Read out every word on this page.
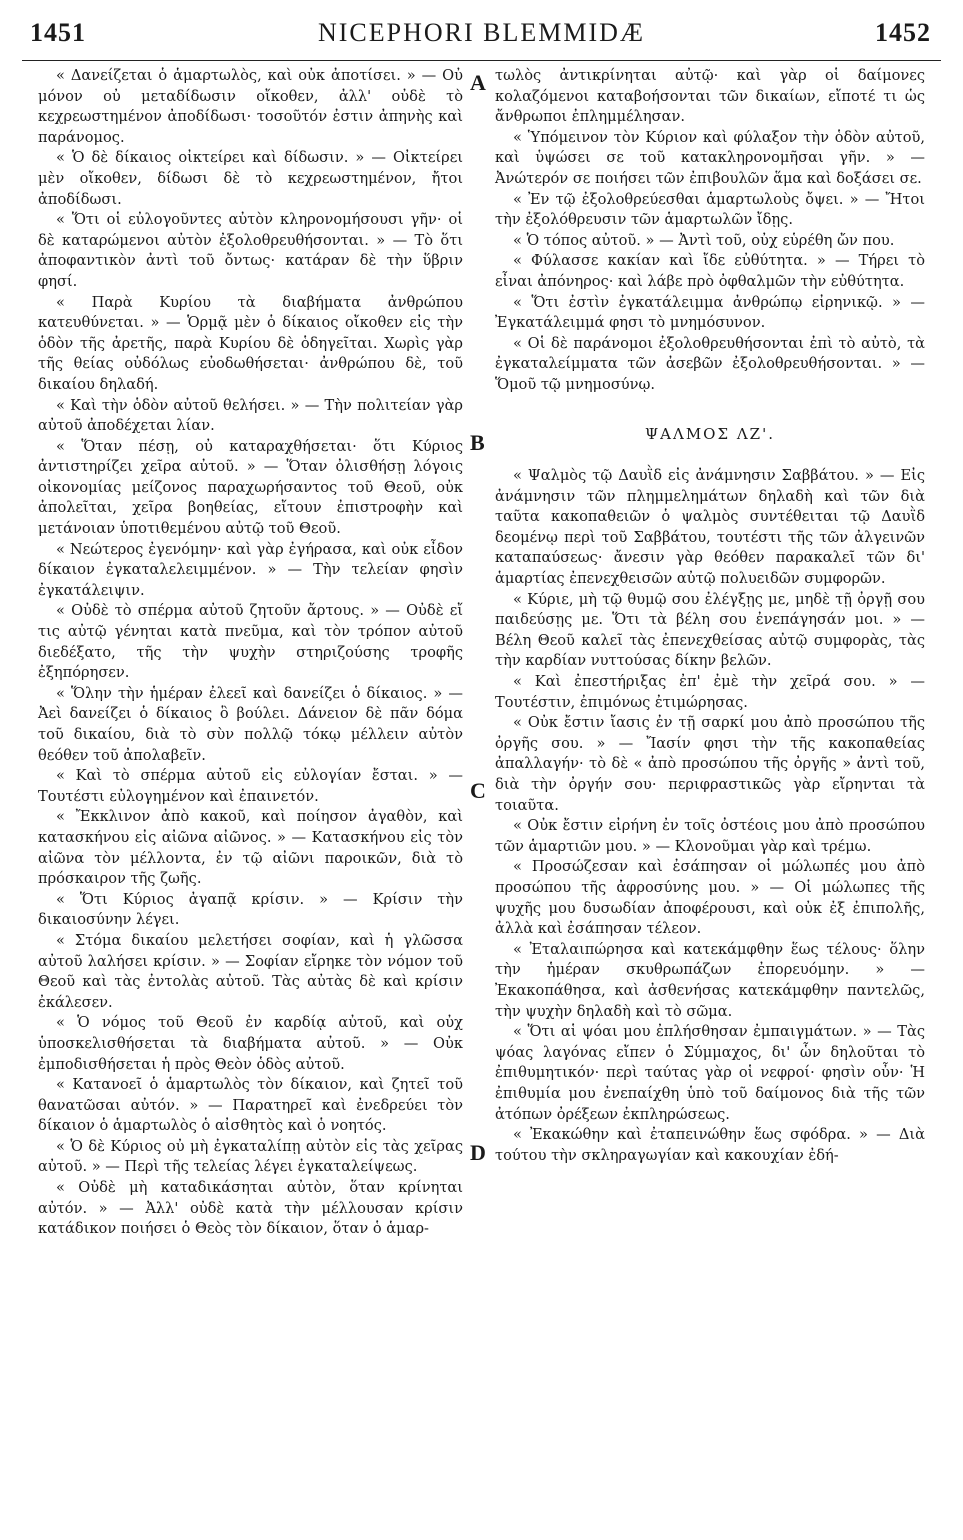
1451	NICEPHORI BLEMMIDÆ	1452
A
B
C
D

« Δανείζεται ὁ ἁμαρτωλὸς, καὶ οὐκ ἀποτίσει. » — Οὐ μόνον οὐ μεταδίδωσιν οἴκοθεν, ἀλλ' οὐδὲ τὸ κεχρεωστημένον ἀποδίδωσι· τοσοῦτόν ἐστιν ἀπηνὴς καὶ παράνομος.

« Ὁ δὲ δίκαιος οἰκτείρει καὶ δίδωσιν. » — Οἰκτείρει μὲν οἴκοθεν, δίδωσι δὲ τὸ κεχρεωστημένον, ἤτοι ἀποδίδωσι.

« Ὅτι οἱ εὐλογοῦντες αὐτὸν κληρονομήσουσι γῆν· οἱ δὲ καταρώμενοι αὐτὸν ἐξολοθρευθήσονται. » — Τὸ ὅτι ἀποφαντικὸν ἀντὶ τοῦ ὄντως· κατάραν δὲ τὴν ὕβριν φησί.

« Παρὰ Κυρίου τὰ διαβήματα ἀνθρώπου κατευθύνεται. » — Ὁρμᾷ μὲν ὁ δίκαιος οἴκοθεν εἰς τὴν ὁδὸν τῆς ἀρετῆς, παρὰ Κυρίου δὲ ὁδηγεῖται. Χωρὶς γὰρ τῆς θείας οὐδόλως εὐοδωθήσεται· ἀνθρώπου δὲ, τοῦ δικαίου δηλαδή.

« Καὶ τὴν ὁδὸν αὐτοῦ θελήσει. » — Τὴν πολιτείαν γὰρ αὐτοῦ ἀποδέχεται λίαν.

« Ὅταν πέσῃ, οὐ καταραχθήσεται· ὅτι Κύριος ἀντιστηρίζει χεῖρα αὐτοῦ. » — Ὅταν ὀλισθήσῃ λόγοις οἰκονομίας μείζονος παραχωρήσαντος τοῦ Θεοῦ, οὐκ ἀπολεῖται, χεῖρα βοηθείας, εἴτουν ἐπιστροφὴν καὶ μετάνοιαν ὑποτιθεμένου αὐτῷ τοῦ Θεοῦ.

« Νεώτερος ἐγενόμην· καὶ γὰρ ἐγήρασα, καὶ οὐκ εἶδον δίκαιον ἐγκαταλελειμμένον. » — Τὴν τελείαν φησὶν ἐγκατάλειψιν.

« Οὐδὲ τὸ σπέρμα αὐτοῦ ζητοῦν ἄρτους. » — Οὐδὲ εἴ τις αὐτῷ γένηται κατὰ πνεῦμα, καὶ τὸν τρόπον αὐτοῦ διεδέξατο, τῆς τὴν ψυχὴν στηριζούσης τροφῆς ἐξηπόρησεν.

« Ὅλην τὴν ἡμέραν ἐλεεῖ καὶ δανείζει ὁ δίκαιος. » — Ἀεὶ δανείζει ὁ δίκαιος ὃ βούλει. Δάνειον δὲ πᾶν δόμα τοῦ δικαίου, διὰ τὸ σὺν πολλῷ τόκῳ μέλλειν αὐτὸν θεόθεν τοῦ ἀπολαβεῖν.

« Καὶ τὸ σπέρμα αὐτοῦ εἰς εὐλογίαν ἔσται. » — Τουτέστι εὐλογημένον καὶ ἐπαινετόν.

« Ἔκκλινον ἀπὸ κακοῦ, καὶ ποίησον ἀγαθὸν, καὶ κατασκήνου εἰς αἰῶνα αἰῶνος. » — Κατασκήνου εἰς τὸν αἰῶνα τὸν μέλλοντα, ἐν τῷ αἰῶνι παροικῶν, διὰ τὸ πρόσκαιρον τῆς ζωῆς.

« Ὅτι Κύριος ἀγαπᾷ κρίσιν. » — Κρίσιν τὴν δικαιοσύνην λέγει.

« Στόμα δικαίου μελετήσει σοφίαν, καὶ ἡ γλῶσσα αὐτοῦ λαλήσει κρίσιν. » — Σοφίαν εἴρηκε τὸν νόμον τοῦ Θεοῦ καὶ τὰς ἐντολὰς αὐτοῦ. Τὰς αὐτὰς δὲ καὶ κρίσιν ἐκάλεσεν.

« Ὁ νόμος τοῦ Θεοῦ ἐν καρδίᾳ αὐτοῦ, καὶ οὐχ ὑποσκελισθήσεται τὰ διαβήματα αὐτοῦ. » — Οὐκ ἐμποδισθήσεται ἡ πρὸς Θεὸν ὁδὸς αὐτοῦ.

« Κατανοεῖ ὁ ἁμαρτωλὸς τὸν δίκαιον, καὶ ζητεῖ τοῦ θανατῶσαι αὐτόν. » — Παρατηρεῖ καὶ ἐνεδρεύει τὸν δίκαιον ὁ ἁμαρτωλὸς ὁ αἰσθητὸς καὶ ὁ νοητός.

« Ὁ δὲ Κύριος οὐ μὴ ἐγκαταλίπῃ αὐτὸν εἰς τὰς χεῖρας αὐτοῦ. » — Περὶ τῆς τελείας λέγει ἐγκαταλείψεως.

« Οὐδὲ μὴ καταδικάσηται αὐτὸν, ὅταν κρίνηται αὐτόν. » — Ἀλλ' οὐδὲ κατὰ τὴν μέλλουσαν κρίσιν κατάδικον ποιήσει ὁ Θεὸς τὸν δίκαιον, ὅταν ὁ ἁμαρ-

τωλὸς ἀντικρίνηται αὐτῷ· καὶ γὰρ οἱ δαίμονες κολαζόμενοι καταβοήσονται τῶν δικαίων, εἴποτέ τι ὡς ἄνθρωποι ἐπλημμέλησαν.

« Ὑπόμεινον τὸν Κύριον καὶ φύλαξον τὴν ὁδὸν αὐτοῦ, καὶ ὑψώσει σε τοῦ κατακληρονομῆσαι γῆν. » — Ἀνώτερόν σε ποιήσει τῶν ἐπιβουλῶν ἅμα καὶ δοξάσει σε.

« Ἐν τῷ ἐξολοθρεύεσθαι ἁμαρτωλοὺς ὄψει. » — Ἤτοι τὴν ἐξολόθρευσιν τῶν ἁμαρτωλῶν ἴδῃς.

« Ὁ τόπος αὐτοῦ. » — Ἀντὶ τοῦ, οὐχ εὑρέθη ὤν που.

« Φύλασσε κακίαν καὶ ἴδε εὐθύτητα. » — Τήρει τὸ εἶναι ἀπόνηρος· καὶ λάβε πρὸ ὀφθαλμῶν τὴν εὐθύτητα.

« Ὅτι ἐστὶν ἐγκατάλειμμα ἀνθρώπῳ εἰρηνικῷ. » — Ἐγκατάλειμμά φησι τὸ μνημόσυνον.

« Οἱ δὲ παράνομοι ἐξολοθρευθήσονται ἐπὶ τὸ αὐτὸ, τὰ ἐγκαταλείμματα τῶν ἀσεβῶν ἐξολοθρευθήσονται. » — Ὅμοῦ τῷ μνημοσύνῳ.

ΨΑΛΜΟΣ ΛΖ'.

« Ψαλμὸς τῷ Δαυῒδ εἰς ἀνάμνησιν Σαββάτου. » — Εἰς ἀνάμνησιν τῶν πλημμελημάτων δηλαδὴ καὶ τῶν διὰ ταῦτα κακοπαθειῶν ὁ ψαλμὸς συντέθειται τῷ Δαυῒδ δεομένῳ περὶ τοῦ Σαββάτου, τουτέστι τῆς τῶν ἀλγεινῶν καταπαύσεως· ἄνεσιν γὰρ θεόθεν παρακαλεῖ τῶν δι' ἁμαρτίας ἐπενεχθεισῶν αὐτῷ πολυειδῶν συμφορῶν.

« Κύριε, μὴ τῷ θυμῷ σου ἐλέγξῃς με, μηδὲ τῇ ὀργῇ σου παιδεύσῃς με. Ὅτι τὰ βέλη σου ἐνεπάγησάν μοι. » — Βέλη Θεοῦ καλεῖ τὰς ἐπενεχθείσας αὐτῷ συμφορὰς, τὰς τὴν καρδίαν νυττούσας δίκην βελῶν.

« Καὶ ἐπεστήριξας ἐπ' ἐμὲ τὴν χεῖρά σου. » — Τουτέστιν, ἐπιμόνως ἐτιμώρησας.

« Οὐκ ἔστιν ἴασις ἐν τῇ σαρκί μου ἀπὸ προσώπου τῆς ὀργῆς σου. » — Ἴασίν φησι τὴν τῆς κακοπαθείας ἀπαλλαγήν· τὸ δὲ « ἀπὸ προσώπου τῆς ὀργῆς » ἀντὶ τοῦ, διὰ τὴν ὀργήν σου· περιφραστικῶς γὰρ εἴρηνται τὰ τοιαῦτα.

« Οὐκ ἔστιν εἰρήνη ἐν τοῖς ὀστέοις μου ἀπὸ προσώπου τῶν ἁμαρτιῶν μου. » — Κλονοῦμαι γὰρ καὶ τρέμω.

« Προσώζεσαν καὶ ἐσάπησαν οἱ μώλωπές μου ἀπὸ προσώπου τῆς ἀφροσύνης μου. » — Οἱ μώλωπες τῆς ψυχῆς μου δυσωδίαν ἀποφέρουσι, καὶ οὐκ ἐξ ἐπιπολῆς, ἀλλὰ καὶ ἐσάπησαν τέλεον.

« Ἐταλαιπώρησα καὶ κατεκάμφθην ἕως τέλους· ὅλην τὴν ἡμέραν σκυθρωπάζων ἐπορευόμην. » — Ἐκακοπάθησα, καὶ ἀσθενήσας κατεκάμφθην παντελῶς, τὴν ψυχὴν δηλαδὴ καὶ τὸ σῶμα.

« Ὅτι αἱ ψόαι μου ἐπλήσθησαν ἐμπαιγμάτων. » — Τὰς ψόας λαγόνας εἴπεν ὁ Σύμμαχος, δι' ὧν δηλοῦται τὸ ἐπιθυμητικόν· περὶ ταύτας γὰρ οἱ νεφροί· φησὶν οὖν· Ἡ ἐπιθυμία μου ἐνεπαίχθη ὑπὸ τοῦ δαίμονος διὰ τῆς τῶν ἀτόπων ὀρέξεων ἐκπληρώσεως.

« Ἐκακώθην καὶ ἐταπεινώθην ἕως σφόδρα. » — Διὰ τούτου τὴν σκληραγωγίαν καὶ κακουχίαν ἐδή-
